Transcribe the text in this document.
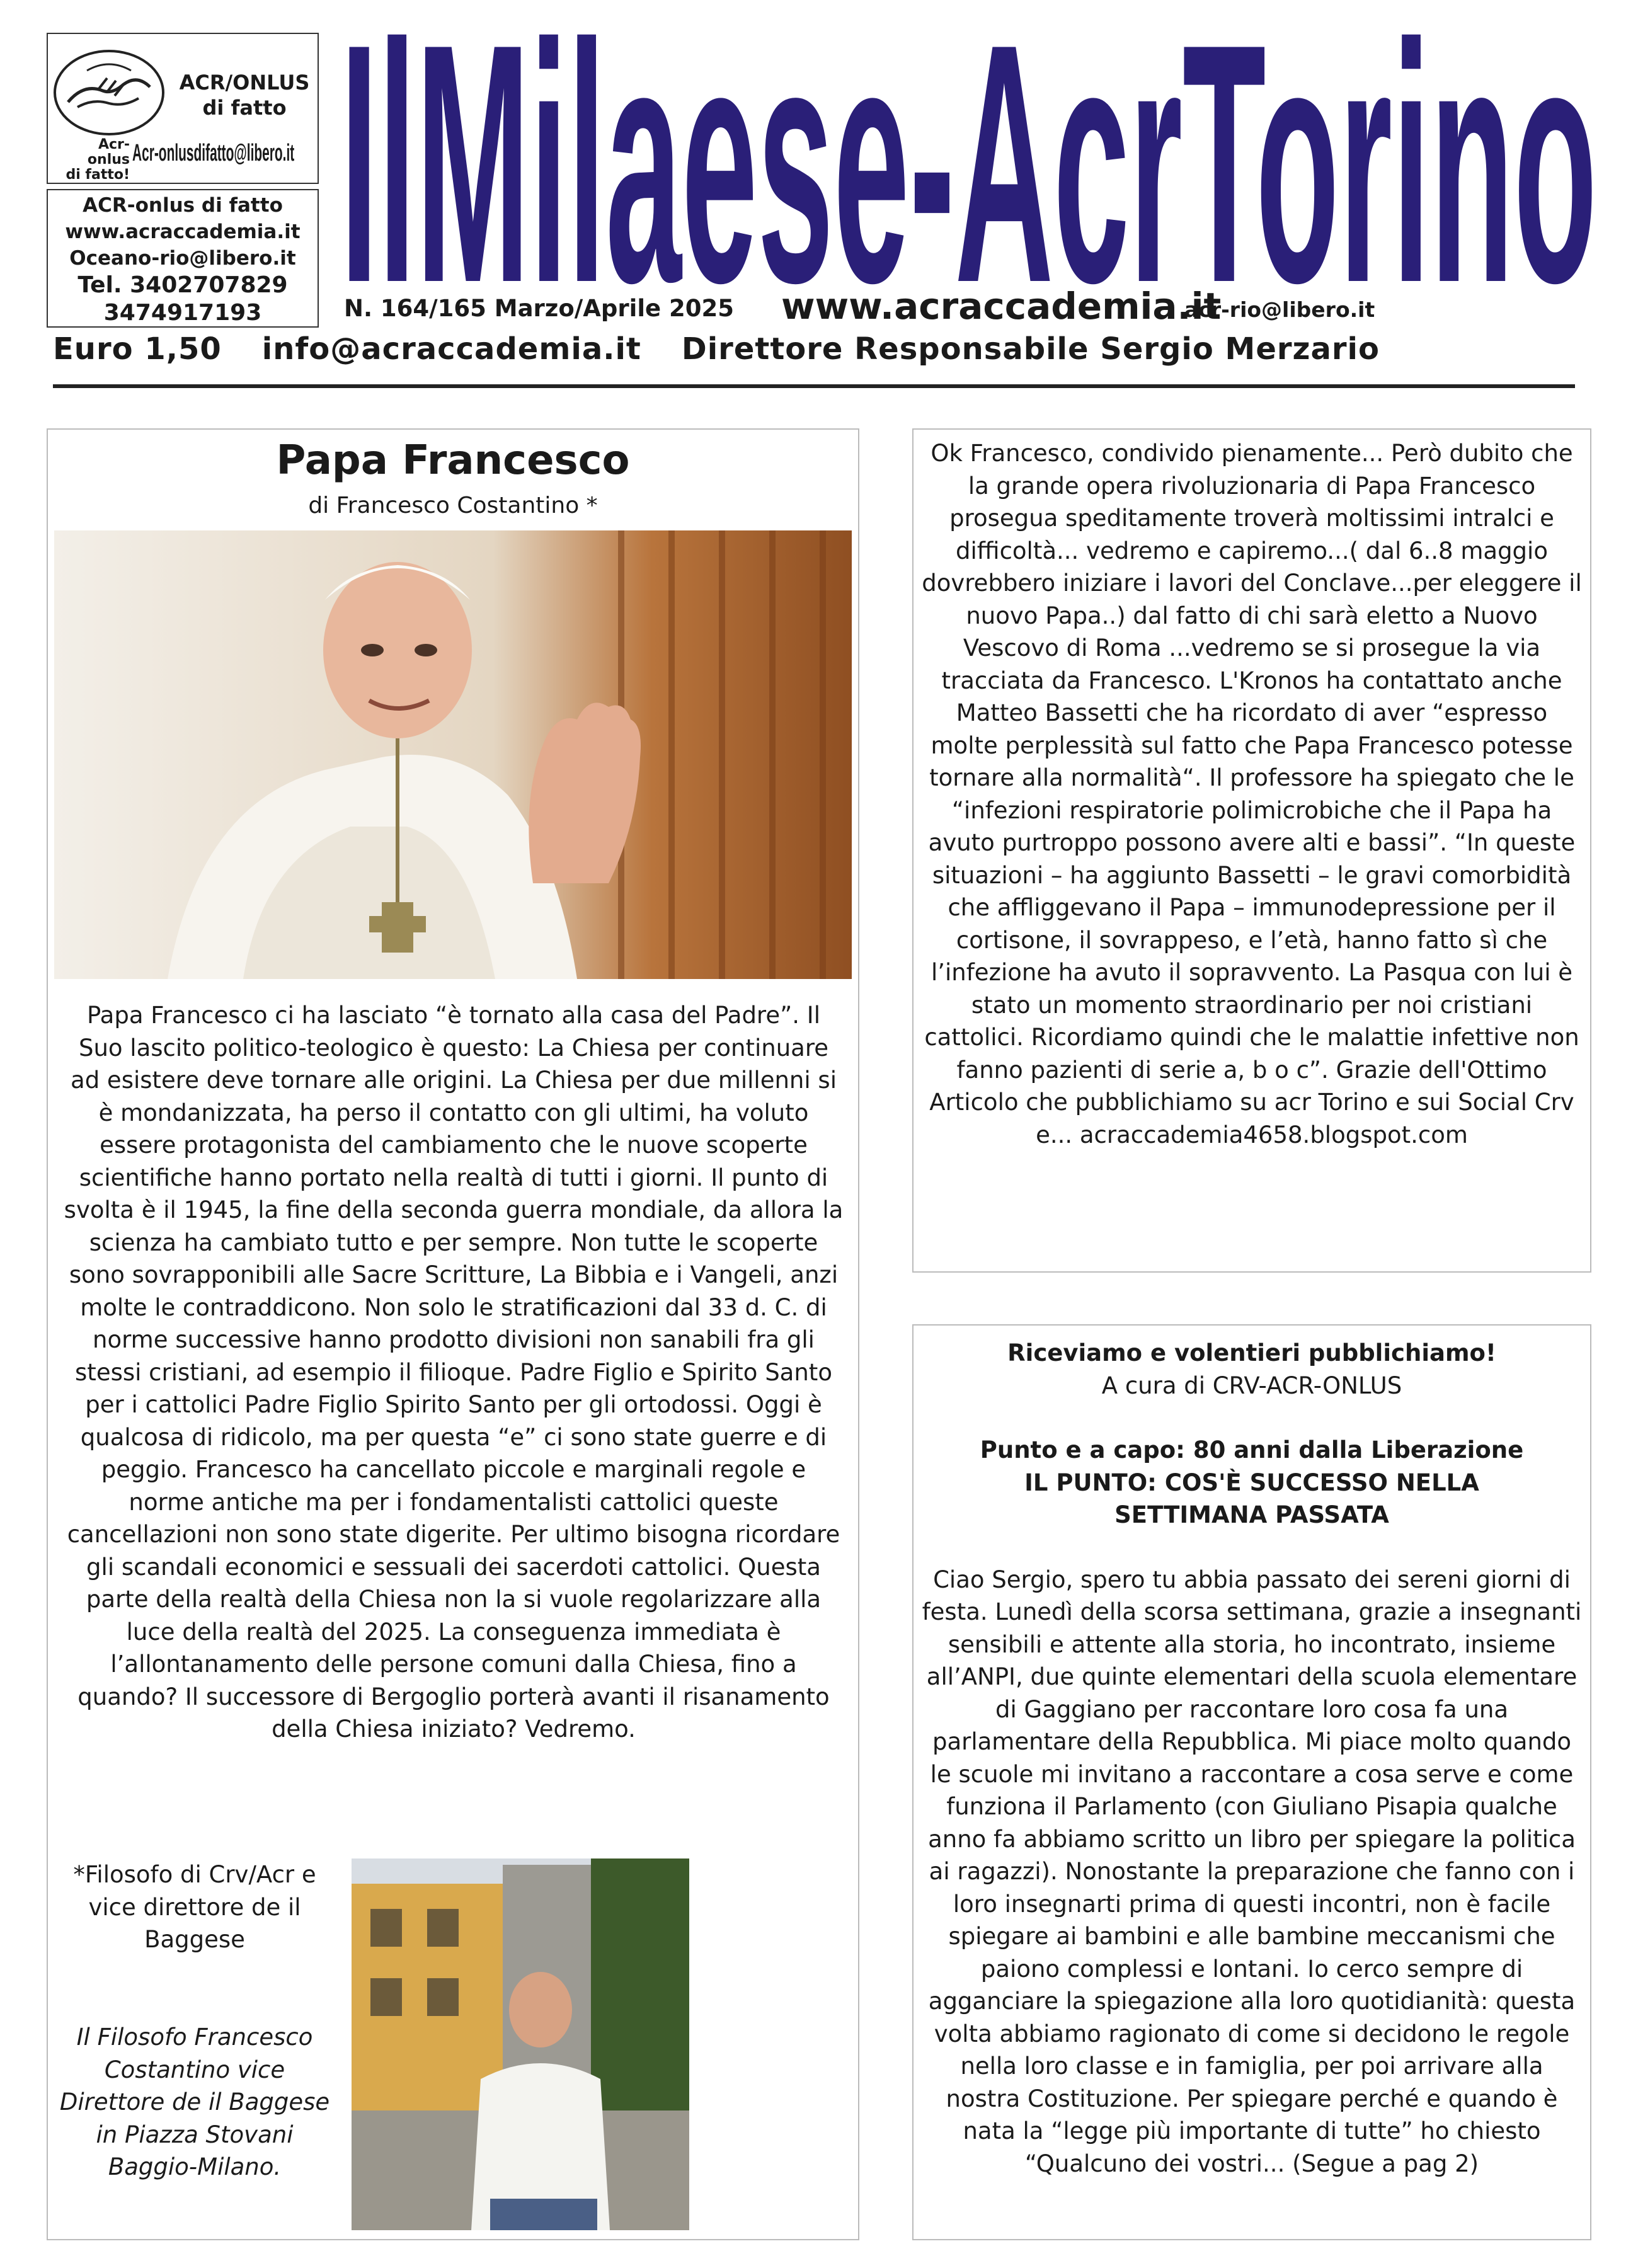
ACR/ONLUS
di fatto
Acr-onlus
di fatto!
Acr-onlusdifatto@libero.it
ACR-onlus di fatto
www.acraccademia.it
Oceano-rio@libero.it
Tel. 3402707829
3474917193 IlMilaese-AcrTorino
N. 164/165 Marzo/Aprile 2025 www.acraccademia.it
acr-rio@libero.it
Euro 1,50 info@acraccademia.it Direttore Responsabile Sergio Merzario
Papa Francesco
di Francesco Costantino *

Papa Francesco ci ha lasciato “è tornato alla casa del Padre”. Il Suo lascito politico-teologico è questo: La Chiesa per continuare ad esistere deve tornare alle origini. La Chiesa per due millenni si è mondanizzata, ha perso il contatto con gli ultimi, ha voluto essere protagonista del cambiamento che le nuove scoperte scientifiche hanno portato nella realtà di tutti i giorni. Il punto di svolta è il 1945, la fine della seconda guerra mondiale, da allora la scienza ha cambiato tutto e per sempre. Non tutte le scoperte sono sovrapponibili alle Sacre Scritture, La Bibbia e i Vangeli, anzi molte le contraddicono. Non solo le stratificazioni dal 33 d. C. di norme successive hanno prodotto divisioni non sanabili fra gli stessi cristiani, ad esempio il filioque. Padre Figlio e Spirito Santo per i cattolici Padre Figlio Spirito Santo per gli ortodossi. Oggi è qualcosa di ridicolo, ma per questa “e” ci sono state guerre e di peggio. Francesco ha cancellato piccole e marginali regole e norme antiche ma per i fondamentalisti cattolici queste cancellazioni non sono state digerite. Per ultimo bisogna ricordare gli scandali economici e sessuali dei sacerdoti cattolici. Questa parte della realtà della Chiesa non la si vuole regolarizzare alla luce della realtà del 2025. La conseguenza immediata è l’allontanamento delle persone comuni dalla Chiesa, fino a quando? Il successore di Bergoglio porterà avanti il risanamento della Chiesa iniziato? Vedremo.

*Filosofo di Crv/Acr e vice direttore de il Baggese

Il Filosofo Francesco Costantino vice Direttore de il Baggese in Piazza Stovani Baggio-Milano.

Ok Francesco, condivido pienamente... Però dubito che la grande opera rivoluzionaria di Papa Francesco prosegua speditamente troverà moltissimi intralci e difficoltà... vedremo e capiremo...( dal 6..8 maggio dovrebbero iniziare i lavori del Conclave...per eleggere il nuovo Papa..) dal fatto di chi sarà eletto a Nuovo Vescovo di Roma ...vedremo se si prosegue la via tracciata da Francesco. L'Kronos ha contattato anche Matteo Bassetti che ha ricordato di aver “espresso molte perplessità sul fatto che Papa Francesco potesse tornare alla normalità“. Il professore ha spiegato che le “infezioni respiratorie polimicrobiche che il Papa ha avuto purtroppo possono avere alti e bassi”. “In queste situazioni – ha aggiunto Bassetti – le gravi comorbidità che affliggevano il Papa – immunodepressione per il cortisone, il sovrappeso, e l’età, hanno fatto sì che l’infezione ha avuto il sopravvento. La Pasqua con lui è stato un momento straordinario per noi cristiani cattolici. Ricordiamo quindi che le malattie infettive non fanno pazienti di serie a, b o c”. Grazie dell'Ottimo Articolo che pubblichiamo su acr Torino e sui Social Crv e... acraccademia4658.blogspot.com

Riceviamo e volentieri pubblichiamo!

A cura di CRV-ACR-ONLUS

Punto e a capo: 80 anni dalla Liberazione

IL PUNTO: COS'È SUCCESSO NELLA SETTIMANA PASSATA

Ciao Sergio, spero tu abbia passato dei sereni giorni di festa. Lunedì della scorsa settimana, grazie a insegnanti sensibili e attente alla storia, ho incontrato, insieme all’ANPI, due quinte elementari della scuola elementare di Gaggiano per raccontare loro cosa fa una parlamentare della Repubblica. Mi piace molto quando le scuole mi invitano a raccontare a cosa serve e come funziona il Parlamento (con Giuliano Pisapia qualche anno fa abbiamo scritto un libro per spiegare la politica ai ragazzi). Nonostante la preparazione che fanno con i loro insegnarti prima di questi incontri, non è facile spiegare ai bambini e alle bambine meccanismi che paiono complessi e lontani. Io cerco sempre di agganciare la spiegazione alla loro quotidianità: questa volta abbiamo ragionato di come si decidono le regole nella loro classe e in famiglia, per poi arrivare alla nostra Costituzione. Per spiegare perché e quando è nata la “legge più importante di tutte” ho chiesto “Qualcuno dei vostri... (Segue a pag 2)
